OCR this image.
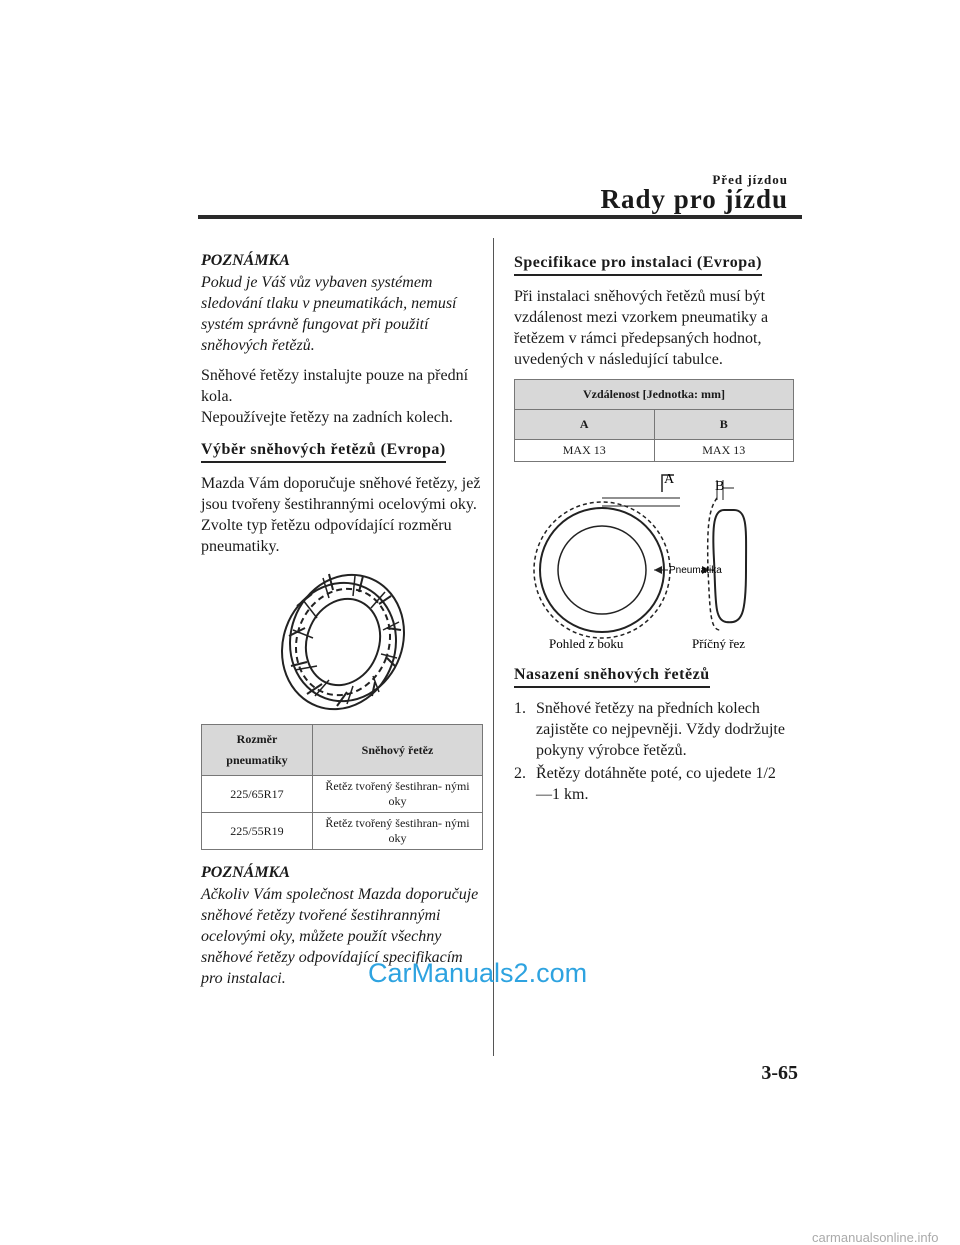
Před jízdou
Rady pro jízdu
POZNÁMKA
Pokud je Váš vůz vybaven systémem sledování tlaku v pneumatikách, nemusí systém správně fungovat při použití sněhových řetězů.

Sněhové řetězy instalujte pouze na přední kola.

Nepoužívejte řetězy na zadních kolech.

Výběr sněhových řetězů (Evropa)

Mazda Vám doporučuje sněhové řetězy, jež jsou tvořeny šestihrannými ocelovými oky. Zvolte typ řetězu odpovídající rozměru pneumatiky.

Rozměr pneumatiky	Sněhový řetěz
225/65R17	Řetěz tvořený šestihran- nými oky
225/55R19	Řetěz tvořený šestihran- nými oky
POZNÁMKA
Ačkoliv Vám společnost Mazda doporučuje sněhové řetězy tvořené šestihrannými ocelovými oky, můžete použít všechny sněhové řetězy odpovídající specifikacím pro instalaci.
Specifikace pro instalaci (Evropa)

Při instalaci sněhových řetězů musí být vzdálenost mezi vzorkem pneumatiky a řetězem v rámci předepsaných hodnot, uvedených v následující tabulce.

Vzdálenost [Jednotka: mm]	
A	B
MAX 13	MAX 13
A	B
Pneumatika
Pohled z boku	Příčný řez
Nasazení sněhových řetězů
1. Sněhové řetězy na předních kolech zajistěte co nejpevněji. Vždy dodržujte pokyny výrobce řetězů.
2. Řetězy dotáhněte poté, co ujedete 1/2 ―1 km.
CarManuals2.com
3-65
carmanualsonline.info
